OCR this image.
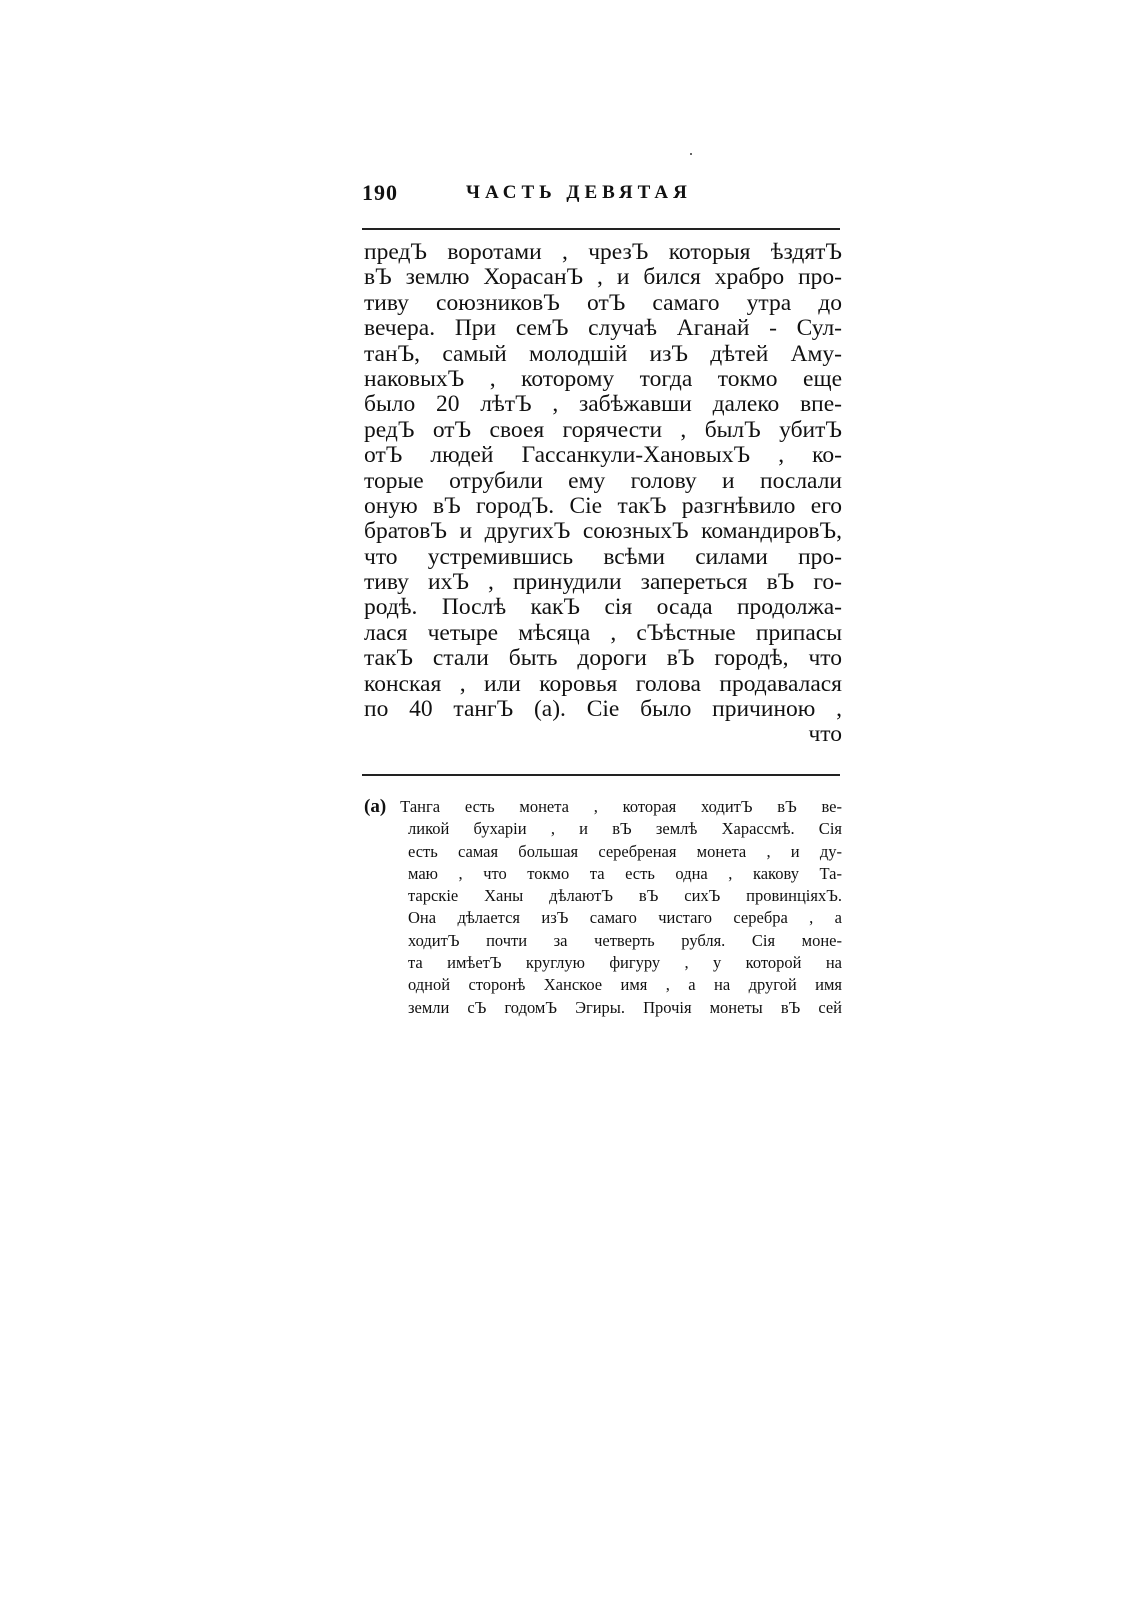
190	ЧАСТЬ ДЕВЯТАЯ
предЪ воротами , чрезЪ которыя ѣздятЪ
вЪ землю ХорасанЪ , и бился храбро про-
тиву союзниковЪ отЪ самаго утра до
вечера. При семЪ случаѣ Аганай - Сул-
танЪ, самый молодшій изЪ дѣтей Аму-
наковыхЪ , которому тогда токмо еще
было 20 лѣтЪ , забѣжавши далеко впе-
редЪ отЪ своея горячести , былЪ убитЪ
отЪ людей Гассанкули-ХановыхЪ , ко-
торые отрубили ему голову и послали
оную вЪ городЪ. Сіе такЪ разгнѣвило его
братовЪ и другихЪ союзныхЪ командировЪ,
что устремившись всѣми силами про-
тиву ихЪ , принудили запереться вЪ го-
родѣ. Послѣ какЪ сія осада продолжа-
лася четыре мѣсяца , сЪѣстные припасы
такЪ стали быть дороги вЪ городѣ, что
конская , или коровья голова продавалася
по 40 тангЪ (а). Сіе было причиною ,
что
(а) Танга есть монета , которая ходитЪ вЪ ве-
ликой бухаріи , и вЪ землѣ Харассмѣ. Сія
есть самая большая серебреная монета , и ду-
маю , что токмо та есть одна , какову Та-
тарскіе Ханы дѣлаютЪ вЪ сихЪ провинціяхЪ.
Она дѣлается изЪ самаго чистаго серебра , а
ходитЪ почти за четверть рубля. Сія моне-
та имѣетЪ круглую фигуру , у которой на
одной сторонѣ Ханское имя , а на другой имя
земли сЪ годомЪ Эгиры. Прочія монеты вЪ сей
